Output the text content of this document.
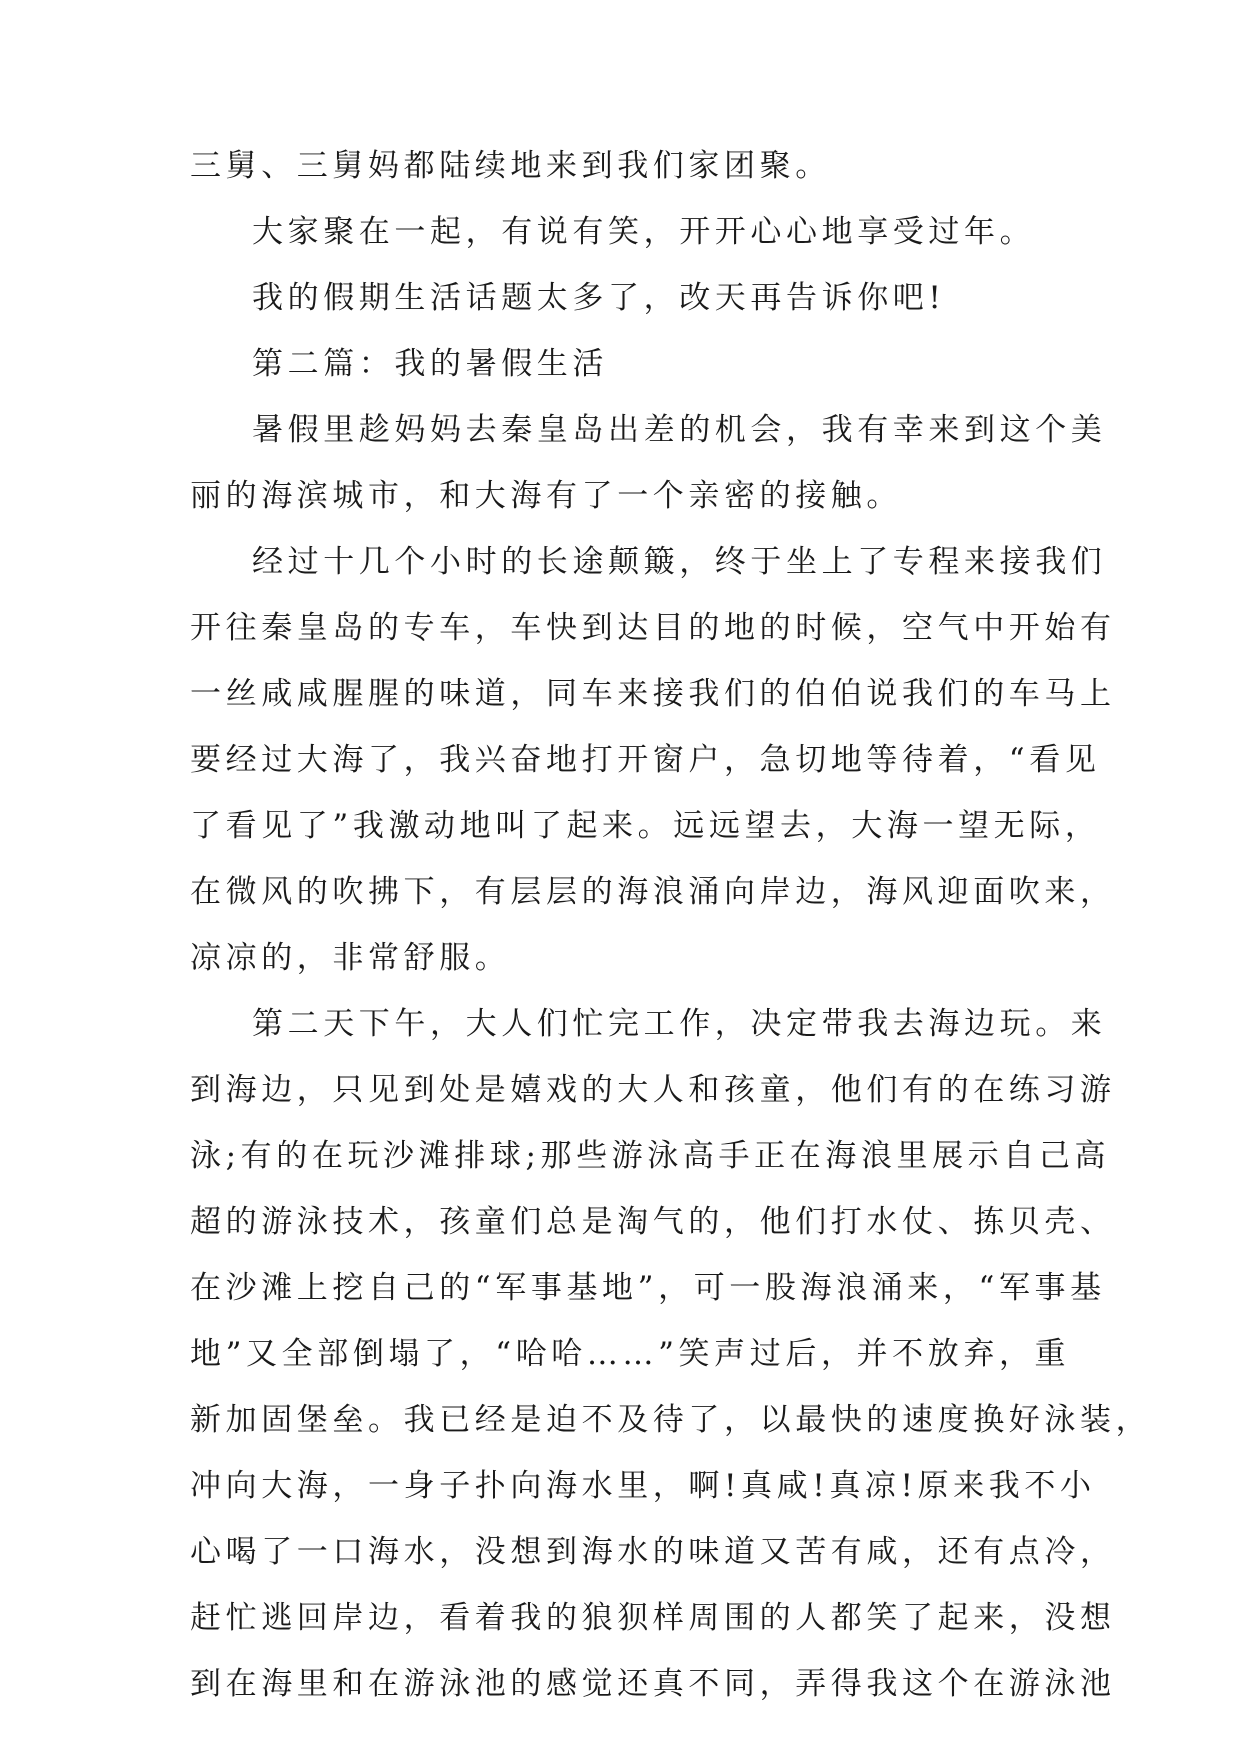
三舅、三舅妈都陆续地来到我们家团聚。
大家聚在一起，有说有笑，开开心心地享受过年。
我的假期生活话题太多了，改天再告诉你吧!
第二篇：我的暑假生活
暑假里趁妈妈去秦皇岛出差的机会，我有幸来到这个美
丽的海滨城市，和大海有了一个亲密的接触。
经过十几个小时的长途颠簸，终于坐上了专程来接我们
开往秦皇岛的专车，车快到达目的地的时候，空气中开始有
一丝咸咸腥腥的味道，同车来接我们的伯伯说我们的车马上
要经过大海了，我兴奋地打开窗户，急切地等待着，“看见
了看见了”我激动地叫了起来。远远望去，大海一望无际，
在微风的吹拂下，有层层的海浪涌向岸边，海风迎面吹来，
凉凉的，非常舒服。
第二天下午，大人们忙完工作，决定带我去海边玩。来
到海边，只见到处是嬉戏的大人和孩童，他们有的在练习游
泳;有的在玩沙滩排球;那些游泳高手正在海浪里展示自己高
超的游泳技术，孩童们总是淘气的，他们打水仗、拣贝壳、
在沙滩上挖自己的“军事基地”，可一股海浪涌来，“军事基
地”又全部倒塌了，“哈哈……”笑声过后，并不放弃，重
新加固堡垒。我已经是迫不及待了，以最快的速度换好泳装，
冲向大海，一身子扑向海水里，啊!真咸!真凉!原来我不小
心喝了一口海水，没想到海水的味道又苦有咸，还有点冷，
赶忙逃回岸边，看着我的狼狈样周围的人都笑了起来，没想
到在海里和在游泳池的感觉还真不同，弄得我这个在游泳池
